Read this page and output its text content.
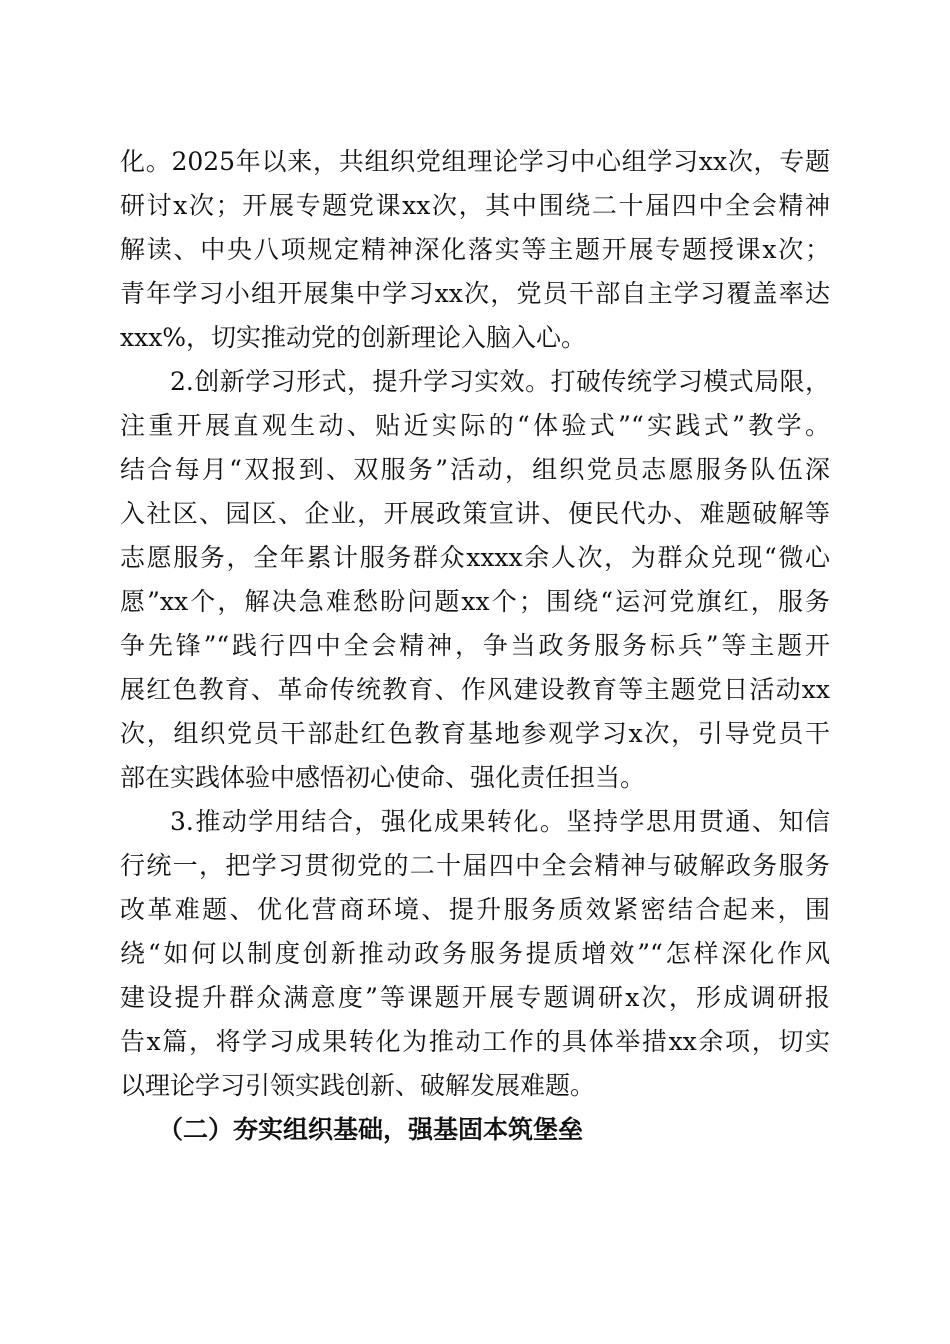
化。2025年以来，共组织党组理论学习中心组学习xx次，专题
研讨x次；开展专题党课xx次，其中围绕二十届四中全会精神
解读、中央八项规定精神深化落实等主题开展专题授课x次；
青年学习小组开展集中学习xx次，党员干部自主学习覆盖率达
xxx%，切实推动党的创新理论入脑入心。
2.创新学习形式，提升学习实效。打破传统学习模式局限，
注重开展直观生动、贴近实际的“体验式”“实践式”教学。
结合每月“双报到、双服务”活动，组织党员志愿服务队伍深
入社区、园区、企业，开展政策宣讲、便民代办、难题破解等
志愿服务，全年累计服务群众xxxx余人次，为群众兑现“微心
愿”xx个，解决急难愁盼问题xx个；围绕“运河党旗红，服务
争先锋”“践行四中全会精神，争当政务服务标兵”等主题开
展红色教育、革命传统教育、作风建设教育等主题党日活动xx
次，组织党员干部赴红色教育基地参观学习x次，引导党员干
部在实践体验中感悟初心使命、强化责任担当。
3.推动学用结合，强化成果转化。坚持学思用贯通、知信
行统一，把学习贯彻党的二十届四中全会精神与破解政务服务
改革难题、优化营商环境、提升服务质效紧密结合起来，围
绕“如何以制度创新推动政务服务提质增效”“怎样深化作风
建设提升群众满意度”等课题开展专题调研x次，形成调研报
告x篇，将学习成果转化为推动工作的具体举措xx余项，切实
以理论学习引领实践创新、破解发展难题。
（二）夯实组织基础，强基固本筑堡垒
